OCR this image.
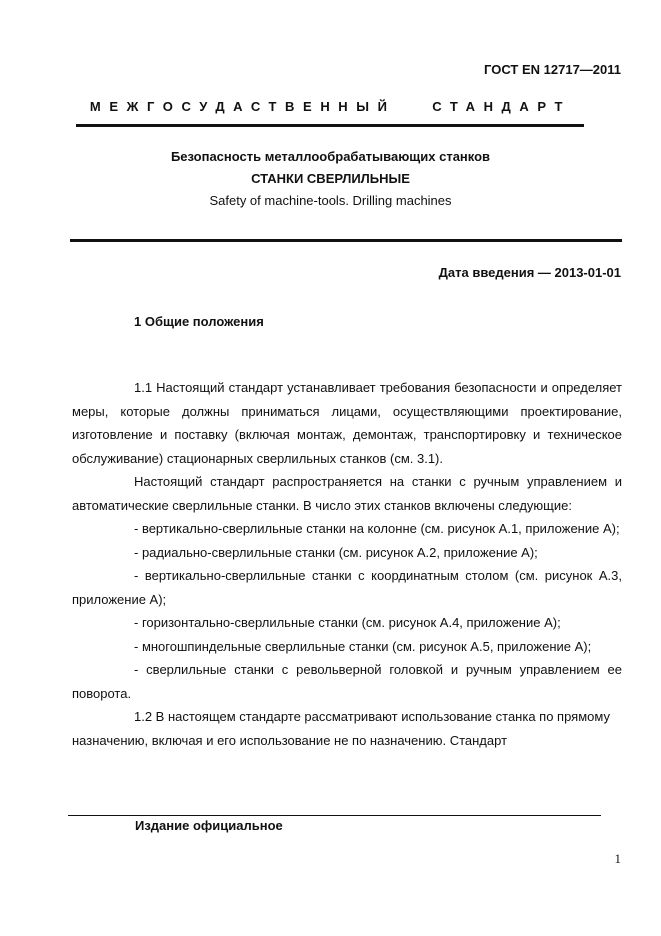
ГОСТ EN 12717—2011
МЕЖГОСУДАСТВЕННЫЙ   СТАНДАРТ
Безопасность металлообрабатывающих станков
СТАНКИ СВЕРЛИЛЬНЫЕ
Safety of machine-tools. Drilling machines
Дата введения — 2013-01-01
1 Общие положения

1.1 Настоящий стандарт устанавливает требования безопасности и определяет меры, которые должны приниматься лицами, осуществляющими проектирование, изготовление и поставку (включая монтаж, демонтаж, транспортировку и техническое обслуживание) стационарных сверлильных станков (см. 3.1).

Настоящий стандарт распространяется на станки с ручным управлением и автоматические сверлильные станки. В число этих станков включены следующие:

- вертикально-сверлильные станки на колонне (см. рисунок А.1, приложение А);

- радиально-сверлильные станки (см. рисунок А.2, приложение А);

- вертикально-сверлильные станки с координатным столом (см. рисунок А.3, приложение А);

- горизонтально-сверлильные станки (см. рисунок А.4, приложение А);

- многошпиндельные сверлильные станки (см. рисунок А.5, приложение А);

- сверлильные станки с револьверной головкой и ручным управлением ее поворота.

1.2 В настоящем стандарте рассматривают использование станка по прямому назначению, включая и его использование не по назначению. Стандарт

Издание официальное
1
